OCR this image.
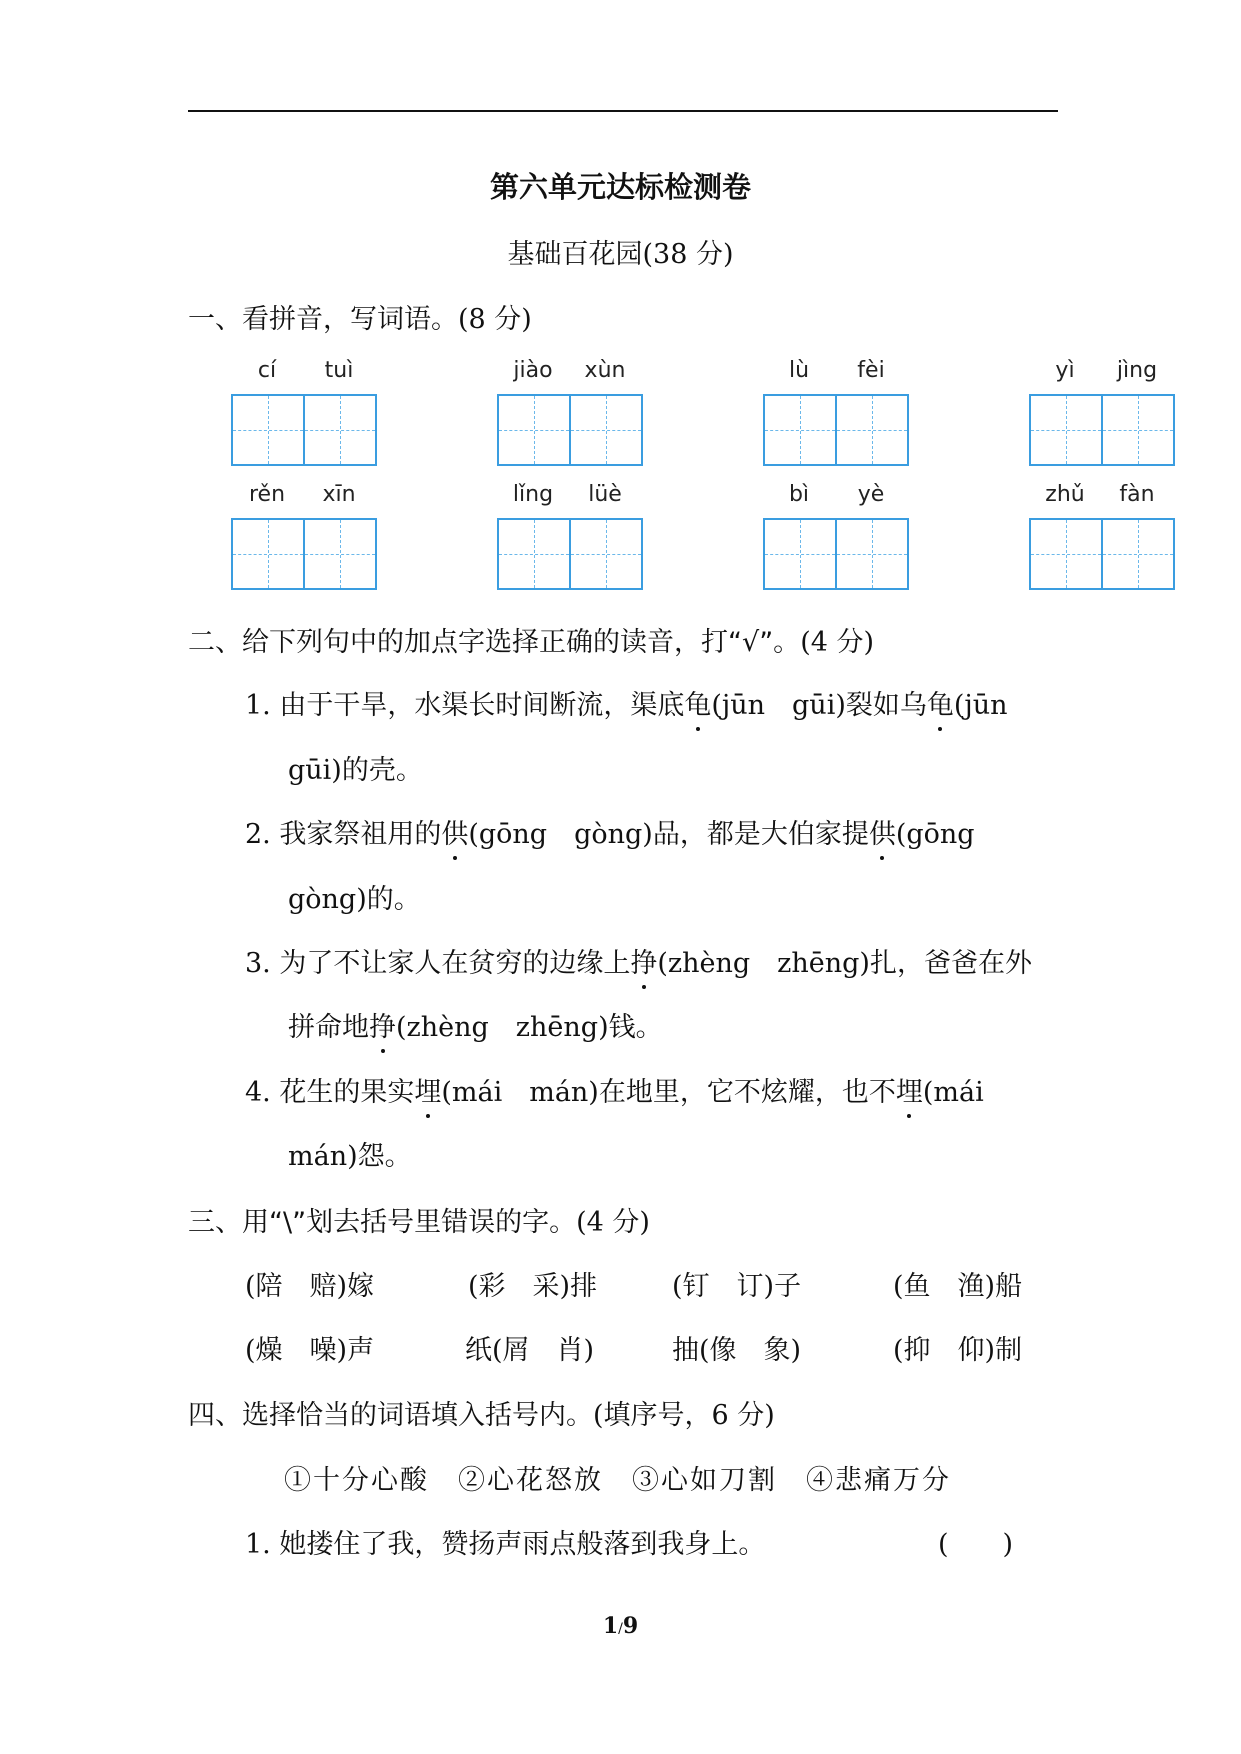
第六单元达标检测卷
基础百花园(38 分)
一、看拼音，写词语。(8 分)
cí	tuì	jiào	xùn	lù	fèi	yì	jìng
rěn	xīn	lǐng	lüè	bì	yè	zhǔ	fàn
二、给下列句中的加点字选择正确的读音，打“√”。(4 分)
1. 由于干旱，水渠长时间断流，渠底龟(jūn　gūi)裂如乌龟(jūn
gūi)的壳。
2. 我家祭祖用的供(gōng　gòng)品，都是大伯家提供(gōng
gòng)的。
3. 为了不让家人在贫穷的边缘上挣(zhèng　zhēng)扎，爸爸在外
拼命地挣(zhèng　zhēng)钱。
4. 花生的果实埋(mái　mán)在地里，它不炫耀，也不埋(mái
mán)怨。
三、用“\”划去括号里错误的字。(4 分)
(陪　赔)嫁	(彩　采)排	(钉　订)子	(鱼　渔)船
(燥　噪)声	纸(屑　肖)	抽(像　象)	(抑　仰)制
四、选择恰当的词语填入括号内。(填序号，6 分)
①十分心酸　②心花怒放　③心如刀割　④悲痛万分
1. 她搂住了我，赞扬声雨点般落到我身上。	(　　)
1/9
